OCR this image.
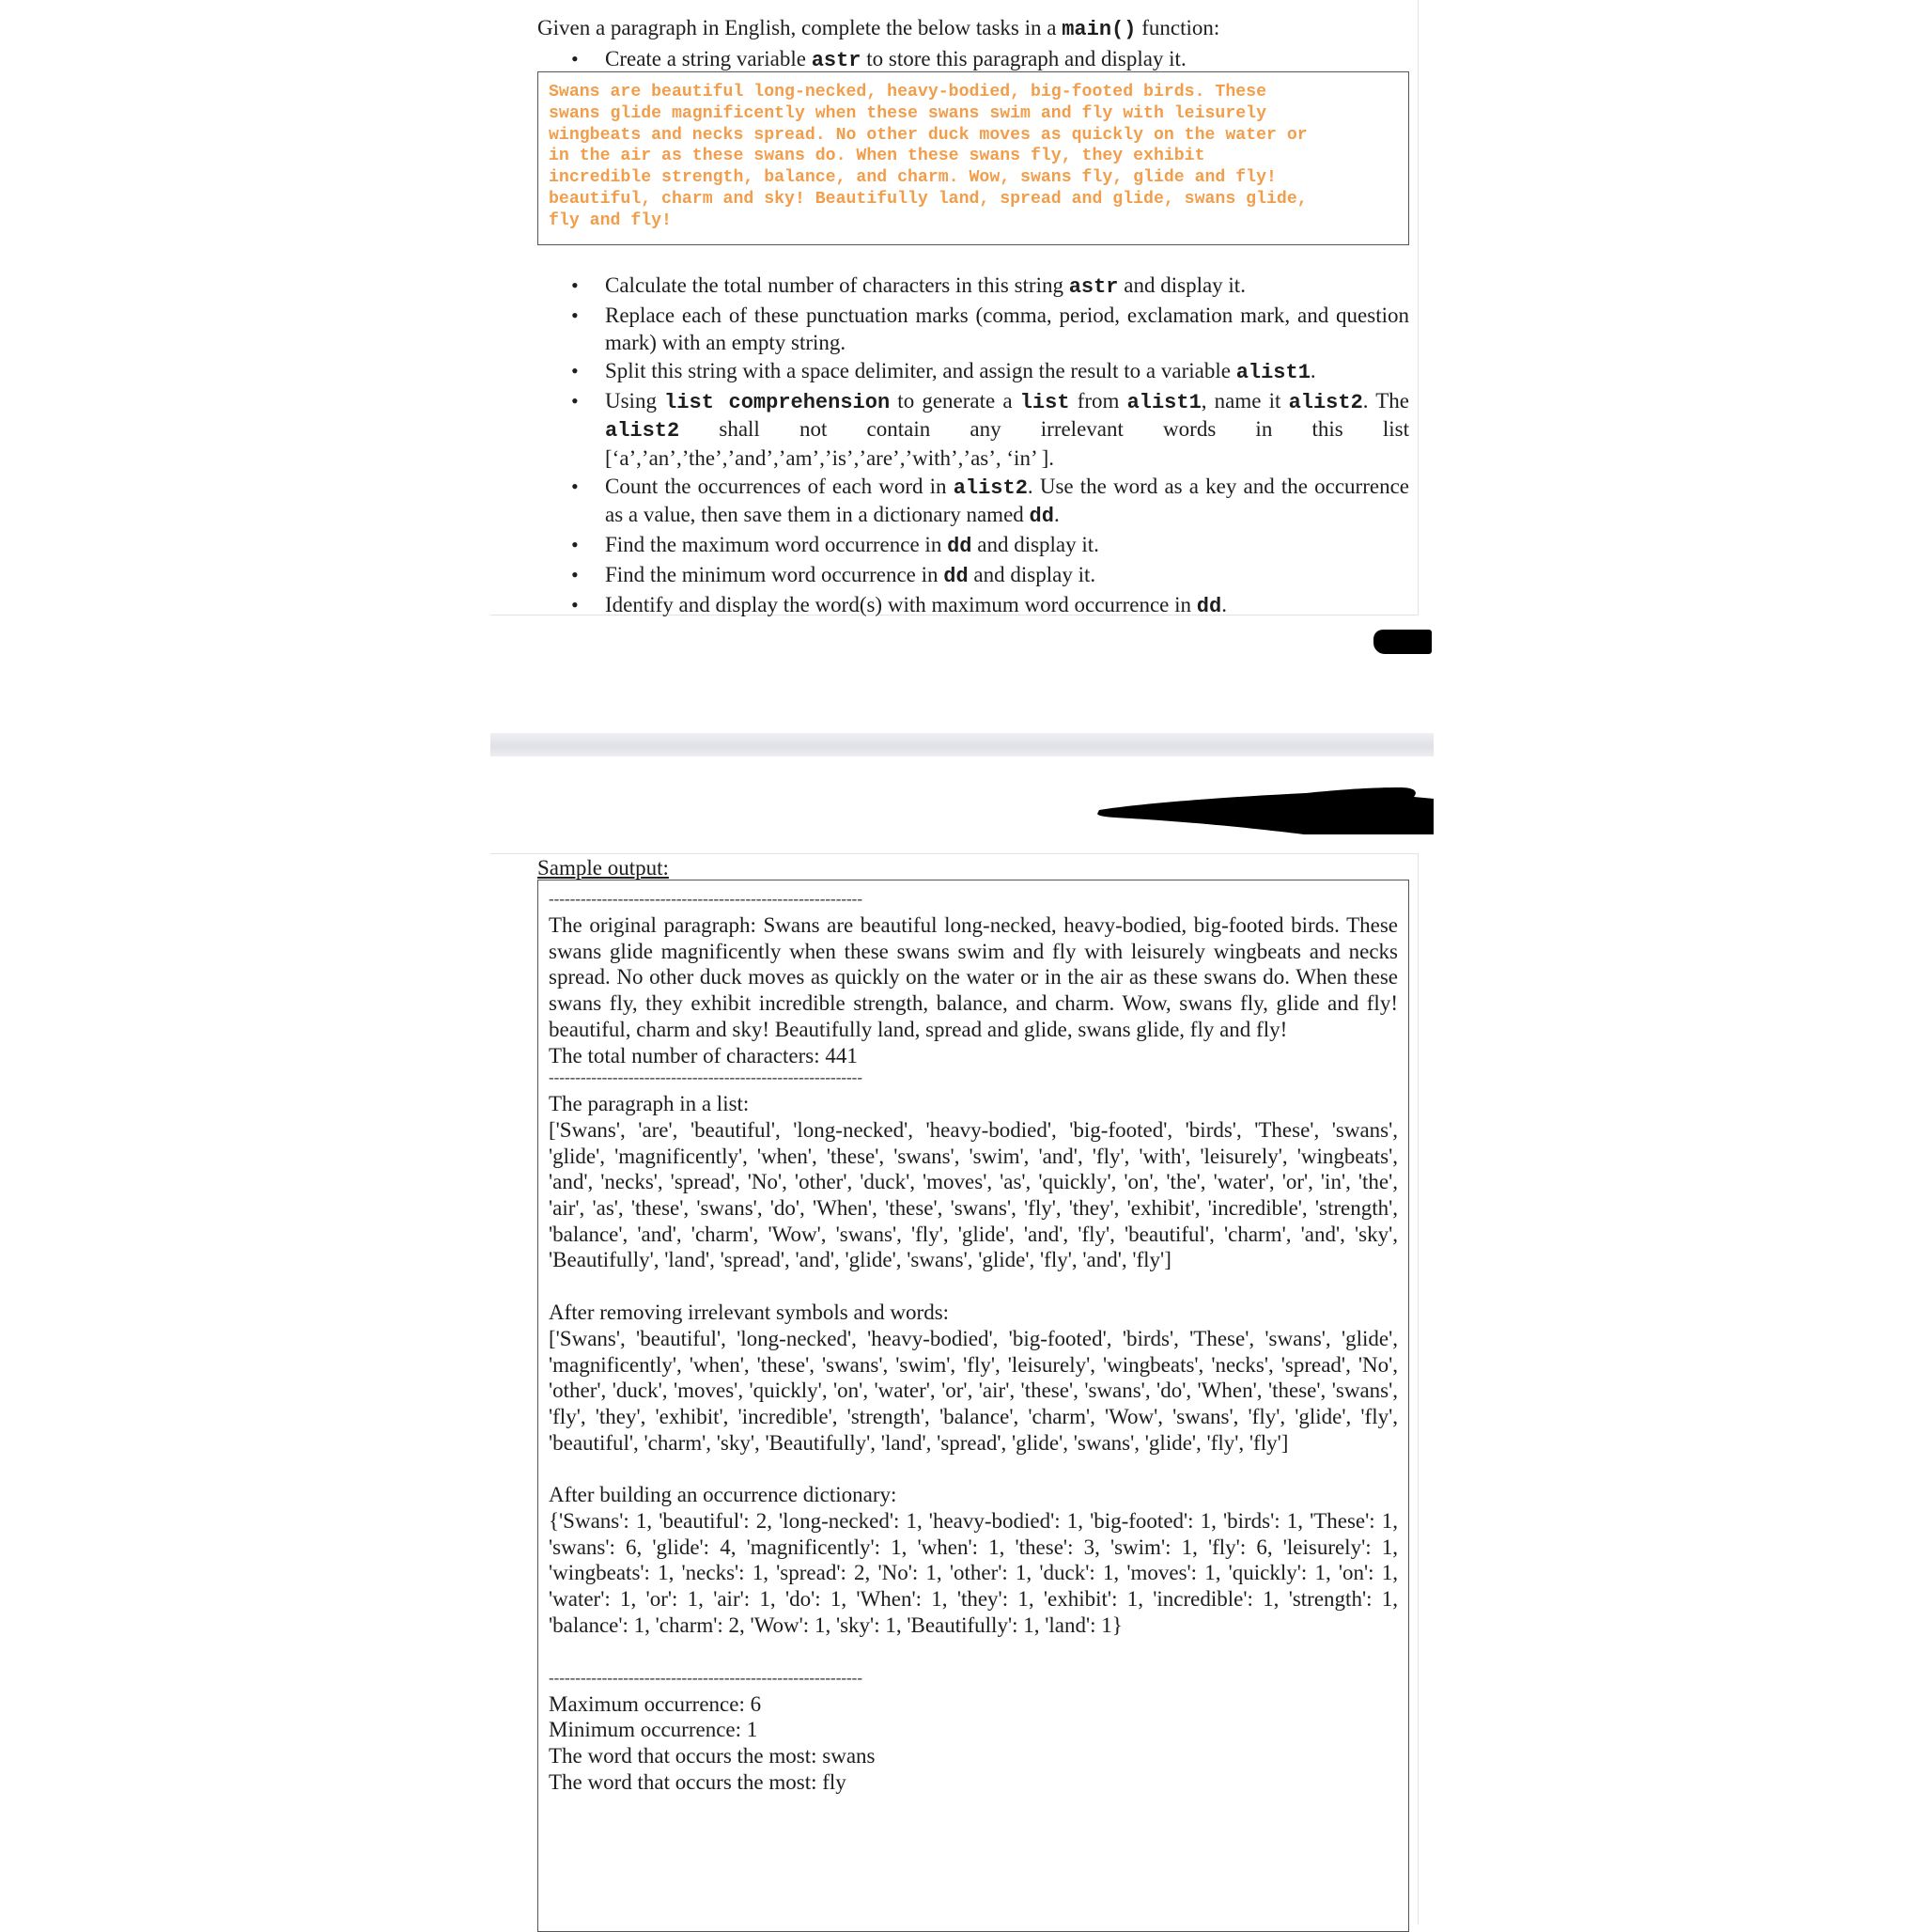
Given a paragraph in English, complete the below tasks in a main() function:
• Create a string variable astr to store this paragraph and display it.
Swans are beautiful long-necked, heavy-bodied, big-footed birds. These
swans glide magnificently when these swans swim and fly with leisurely
wingbeats and necks spread. No other duck moves as quickly on the water or
in the air as these swans do. When these swans fly, they exhibit
incredible strength, balance, and charm. Wow, swans fly, glide and fly!
beautiful, charm and sky! Beautifully land, spread and glide, swans glide,
fly and fly!
• Calculate the total number of characters in this string astr and display it.
• Replace each of these punctuation marks (comma, period, exclamation mark, and question mark) with an empty string.
• Split this string with a space delimiter, and assign the result to a variable alist1.
• Using list comprehension to generate a list from alist1, name it alist2. The alist2 shall not contain any irrelevant words in this list [‘a’,’an’,’the’,’and’,’am’,’is’,’are’,’with’,’as’, ‘in’ ].
• Count the occurrences of each word in alist2. Use the word as a key and the occurrence as a value, then save them in a dictionary named dd.
• Find the maximum word occurrence in dd and display it.
• Find the minimum word occurrence in dd and display it.
• Identify and display the word(s) with maximum word occurrence in dd.
Sample output:
-----------------------------------------------------------

The original paragraph: Swans are beautiful long-necked, heavy-bodied, big-footed birds. These swans glide magnificently when these swans swim and fly with leisurely wingbeats and necks spread. No other duck moves as quickly on the water or in the air as these swans do. When these swans fly, they exhibit incredible strength, balance, and charm. Wow, swans fly, glide and fly! beautiful, charm and sky! Beautifully land, spread and glide, swans glide, fly and fly!

The total number of characters: 441

-----------------------------------------------------------

The paragraph in a list:

['Swans', 'are', 'beautiful', 'long-necked', 'heavy-bodied', 'big-footed', 'birds', 'These', 'swans', 'glide', 'magnificently', 'when', 'these', 'swans', 'swim', 'and', 'fly', 'with', 'leisurely', 'wingbeats', 'and', 'necks', 'spread', 'No', 'other', 'duck', 'moves', 'as', 'quickly', 'on', 'the', 'water', 'or', 'in', 'the', 'air', 'as', 'these', 'swans', 'do', 'When', 'these', 'swans', 'fly', 'they', 'exhibit', 'incredible', 'strength', 'balance', 'and', 'charm', 'Wow', 'swans', 'fly', 'glide', 'and', 'fly', 'beautiful', 'charm', 'and', 'sky', 'Beautifully', 'land', 'spread', 'and', 'glide', 'swans', 'glide', 'fly', 'and', 'fly']

After removing irrelevant symbols and words:

['Swans', 'beautiful', 'long-necked', 'heavy-bodied', 'big-footed', 'birds', 'These', 'swans', 'glide', 'magnificently', 'when', 'these', 'swans', 'swim', 'fly', 'leisurely', 'wingbeats', 'necks', 'spread', 'No', 'other', 'duck', 'moves', 'quickly', 'on', 'water', 'or', 'air', 'these', 'swans', 'do', 'When', 'these', 'swans', 'fly', 'they', 'exhibit', 'incredible', 'strength', 'balance', 'charm', 'Wow', 'swans', 'fly', 'glide', 'fly', 'beautiful', 'charm', 'sky', 'Beautifully', 'land', 'spread', 'glide', 'swans', 'glide', 'fly', 'fly']

After building an occurrence dictionary:

{'Swans': 1, 'beautiful': 2, 'long-necked': 1, 'heavy-bodied': 1, 'big-footed': 1, 'birds': 1, 'These': 1, 'swans': 6, 'glide': 4, 'magnificently': 1, 'when': 1, 'these': 3, 'swim': 1, 'fly': 6, 'leisurely': 1, 'wingbeats': 1, 'necks': 1, 'spread': 2, 'No': 1, 'other': 1, 'duck': 1, 'moves': 1, 'quickly': 1, 'on': 1, 'water': 1, 'or': 1, 'air': 1, 'do': 1, 'When': 1, 'they': 1, 'exhibit': 1, 'incredible': 1, 'strength': 1, 'balance': 1, 'charm': 2, 'Wow': 1, 'sky': 1, 'Beautifully': 1, 'land': 1}

-----------------------------------------------------------

Maximum occurrence: 6

Minimum occurrence: 1

The word that occurs the most: swans

The word that occurs the most: fly
